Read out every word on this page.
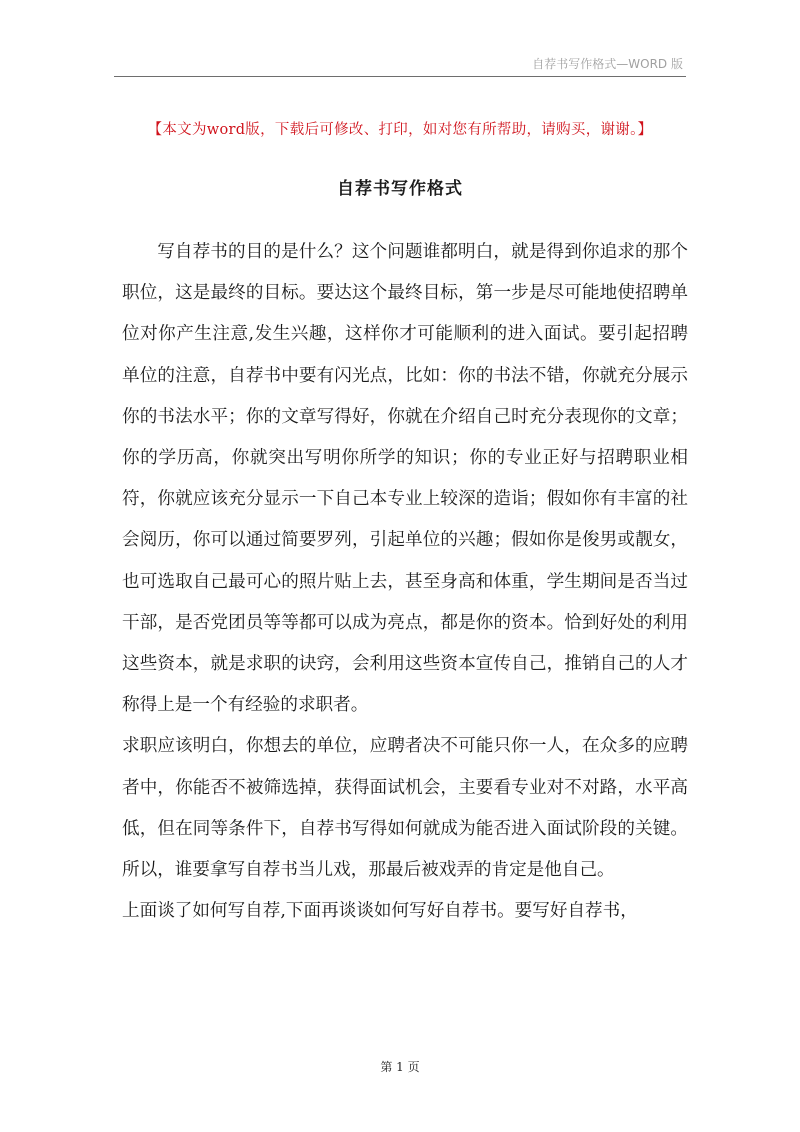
自荐书写作格式—WORD 版
【本文为word版，下载后可修改、打印，如对您有所帮助，请购买，谢谢。】
自荐书写作格式

写自荐书的目的是什么？这个问题谁都明白，就是得到你追求的那个职位，这是最终的目标。要达这个最终目标，第一步是尽可能地使招聘单位对你产生注意,发生兴趣，这样你才可能顺利的进入面试。要引起招聘单位的注意，自荐书中要有闪光点，比如：你的书法不错，你就充分展示你的书法水平；你的文章写得好，你就在介绍自己时充分表现你的文章；你的学历高，你就突出写明你所学的知识；你的专业正好与招聘职业相符，你就应该充分显示一下自己本专业上较深的造诣；假如你有丰富的社会阅历，你可以通过简要罗列，引起单位的兴趣；假如你是俊男或靓女，也可选取自己最可心的照片贴上去，甚至身高和体重，学生期间是否当过干部，是否党团员等等都可以成为亮点，都是你的资本。恰到好处的利用这些资本，就是求职的诀窍，会利用这些资本宣传自己，推销自己的人才称得上是一个有经验的求职者。

求职应该明白，你想去的单位，应聘者决不可能只你一人，在众多的应聘者中，你能否不被筛选掉，获得面试机会，主要看专业对不对路，水平高低，但在同等条件下，自荐书写得如何就成为能否进入面试阶段的关键。所以，谁要拿写自荐书当儿戏，那最后被戏弄的肯定是他自己。

上面谈了如何写自荐,下面再谈谈如何写好自荐书。要写好自荐书，

第 1 页
